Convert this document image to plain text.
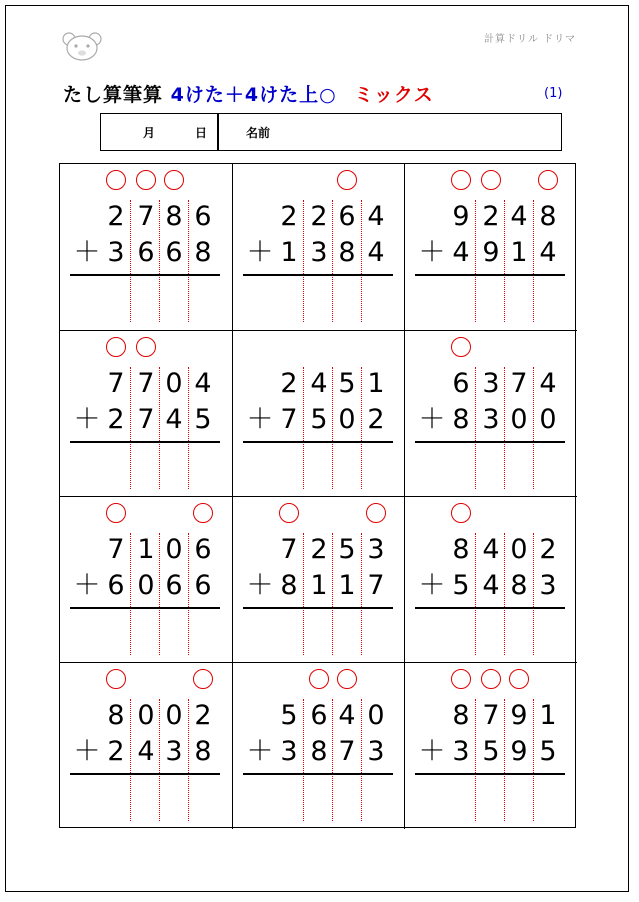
計算ドリル ドリマ
たし算筆算 4けた＋4けた上○ ミックス	(1)
月	日	名前
2 7 8 6
＋ 3 6 6 8
2 2 6 4
＋ 1 3 8 4
9 2 4 8
＋ 4 9 1 4
7 7 0 4
＋ 2 7 4 5
2 4 5 1
＋ 7 5 0 2
6 3 7 4
＋ 8 3 0 0
7 1 0 6
＋ 6 0 6 6
7 2 5 3
＋ 8 1 1 7
8 4 0 2
＋ 5 4 8 3
8 0 0 2
＋ 2 4 3 8
5 6 4 0
＋ 3 8 7 3
8 7 9 1
＋ 3 5 9 5
